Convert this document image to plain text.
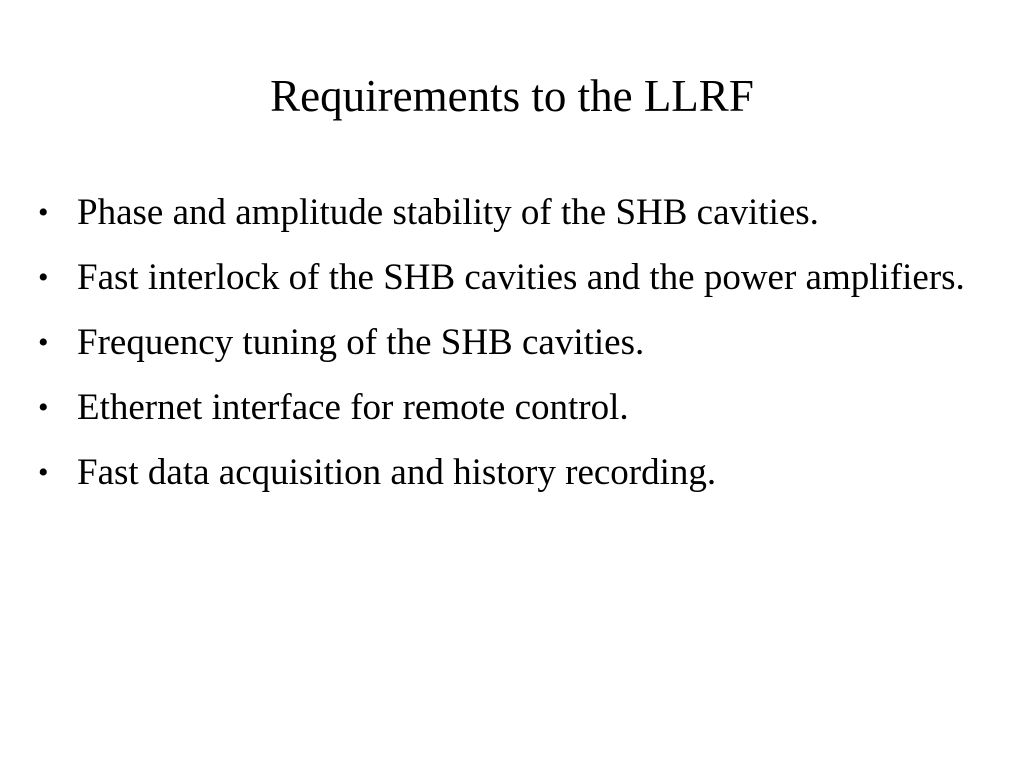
Requirements to the LLRF
• Phase and amplitude stability of the SHB cavities.
• Fast interlock of the SHB cavities and the power amplifiers.
• Frequency tuning of the SHB cavities.
• Ethernet interface for remote control.
• Fast data acquisition and history recording.
